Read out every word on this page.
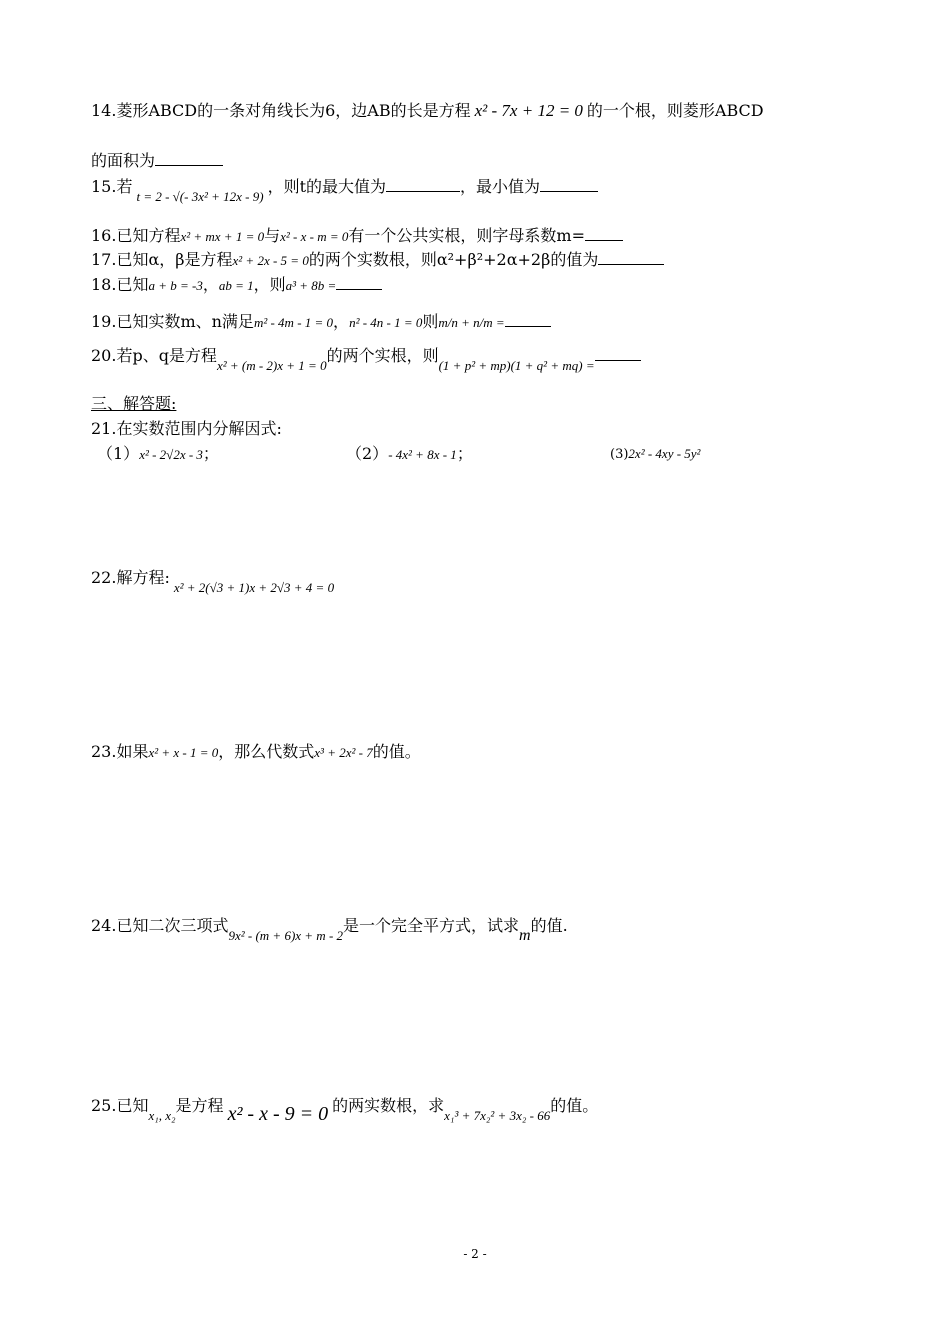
14.菱形ABCD的一条对角线长为6，边AB的长是方程 x² - 7x + 12 = 0 的一个根，则菱形ABCD
的面积为
15.若$_{t = 2 - √(- 3x^2 + 12x - 9)}$，则t的最大值为	，最小值为
16.已知方程x² + mx + 1 = 0与x² - x - m = 0有一个公共实根，则字母系数m=
17.已知α，β是方程x² + 2x - 5 = 0的两个实数根，则α²+β²+2α+2β的值为
18.已知a + b = -3，ab = 1，则a³ + 8b =
19.已知实数m、n满足m² - 4m - 1 = 0，n² - 4n - 1 = 0则m/n + n/m =
20.若p、q是方程$_{x^2 + (m - 2)x + 1 = 0}$的两个实根，则$_{(1 + p^2 + mp)(1 + q^2 + mq) =}$
三、解答题:
21.在实数范围内分解因式:
（1）x² - 2√2x - 3；	（2）- 4x² + 8x - 1；	(3)2x² - 4xy - 5y²
22.解方程$:_{x^2 + 2(√3 + 1)x + 2√3 + 4 = 0}$
23.如果x² + x - 1 = 0，那么代数式x³ + 2x² - 7的值。
24.已知二次三项式$_{9x^2 - (m + 6)x + m - 2}$是一个完全平方式，试求m的值.
25.已知$_{x_1, x_2}$是方程 x² - x - 9 = 0 的两实数根，求$_{x_1^3 + 7x_2^2 + 3x_2 - 66}$的值。
- 2 -
